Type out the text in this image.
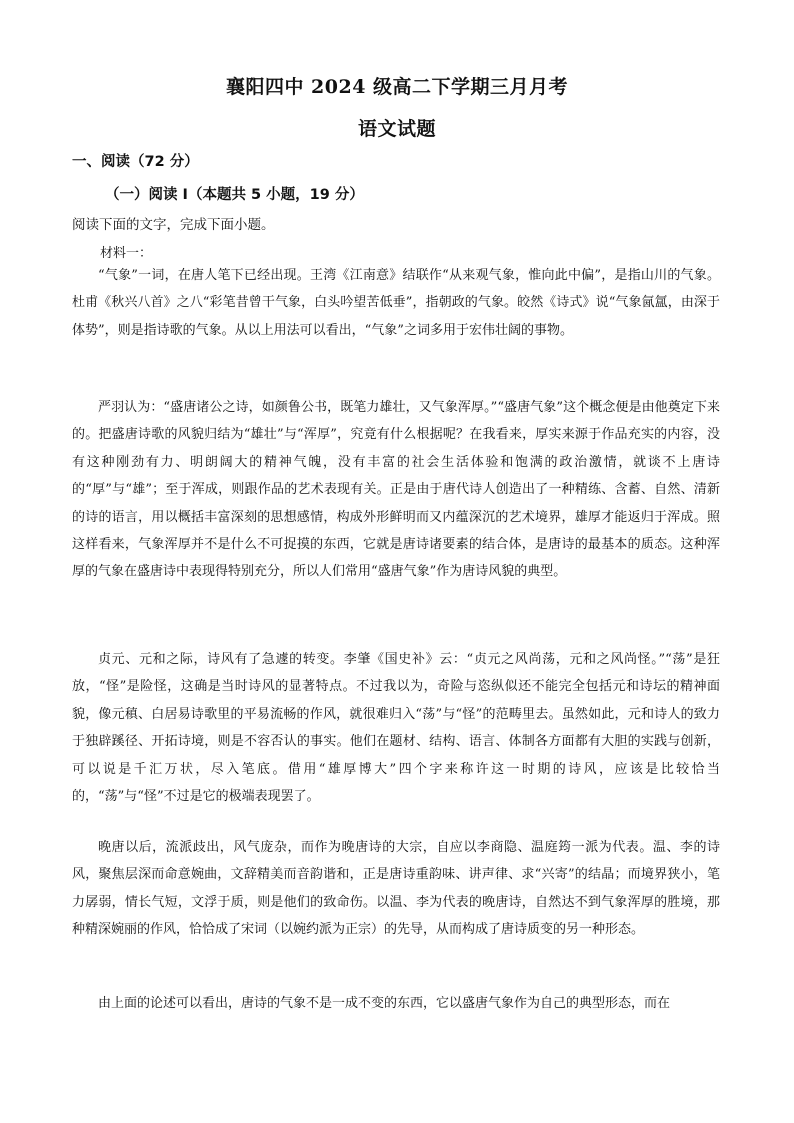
襄阳四中 2024 级高二下学期三月月考
语文试题
一、阅读（72 分）
（一）阅读 Ⅰ（本题共 5 小题，19 分）
阅读下面的文字，完成下面小题。
材料一：

“气象”一词，在唐人笔下已经出现。王湾《江南意》结联作“从来观气象，惟向此中偏”，是指山川的气象。杜甫《秋兴八首》之八“彩笔昔曾干气象，白头吟望苦低垂”，指朝政的气象。皎然《诗式》说“气象氤氲，由深于体势”，则是指诗歌的气象。从以上用法可以看出，“气象”之词多用于宏伟壮阔的事物。

严羽认为：“盛唐诸公之诗，如颜鲁公书，既笔力雄壮，又气象浑厚。”“盛唐气象”这个概念便是由他奠定下来的。把盛唐诗歌的风貌归结为“雄壮”与“浑厚”，究竟有什么根据呢？在我看来，厚实来源于作品充实的内容，没有这种刚劲有力、明朗阔大的精神气魄，没有丰富的社会生活体验和饱满的政治激情，就谈不上唐诗的“厚”与“雄”；至于浑成，则跟作品的艺术表现有关。正是由于唐代诗人创造出了一种精练、含蓄、自然、清新的诗的语言，用以概括丰富深刻的思想感情，构成外形鲜明而又内蕴深沉的艺术境界，雄厚才能返归于浑成。照这样看来，气象浑厚并不是什么不可捉摸的东西，它就是唐诗诸要素的结合体，是唐诗的最基本的质态。这种浑厚的气象在盛唐诗中表现得特别充分，所以人们常用“盛唐气象”作为唐诗风貌的典型。

贞元、元和之际，诗风有了急遽的转变。李肇《国史补》云：“贞元之风尚荡，元和之风尚怪。”“荡”是狂放，“怪”是险怪，这确是当时诗风的显著特点。不过我以为，奇险与恣纵似还不能完全包括元和诗坛的精神面貌，像元稹、白居易诗歌里的平易流畅的作风，就很难归入“荡”与“怪”的范畴里去。虽然如此，元和诗人的致力于独辟蹊径、开拓诗境，则是不容否认的事实。他们在题材、结构、语言、体制各方面都有大胆的实践与创新，可以说是千汇万状，尽入笔底。借用“雄厚博大”四个字来称许这一时期的诗风，应该是比较恰当的，“荡”与“怪”不过是它的极端表现罢了。

晚唐以后，流派歧出，风气庞杂，而作为晚唐诗的大宗，自应以李商隐、温庭筠一派为代表。温、李的诗风，聚焦层深而命意婉曲，文辞精美而音韵谐和，正是唐诗重韵味、讲声律、求“兴寄”的结晶；而境界狭小，笔力孱弱，情长气短，文浮于质，则是他们的致命伤。以温、李为代表的晚唐诗，自然达不到气象浑厚的胜境，那种精深婉丽的作风，恰恰成了宋词（以婉约派为正宗）的先导，从而构成了唐诗质变的另一种形态。

由上面的论述可以看出，唐诗的气象不是一成不变的东西，它以盛唐气象作为自己的典型形态，而在
